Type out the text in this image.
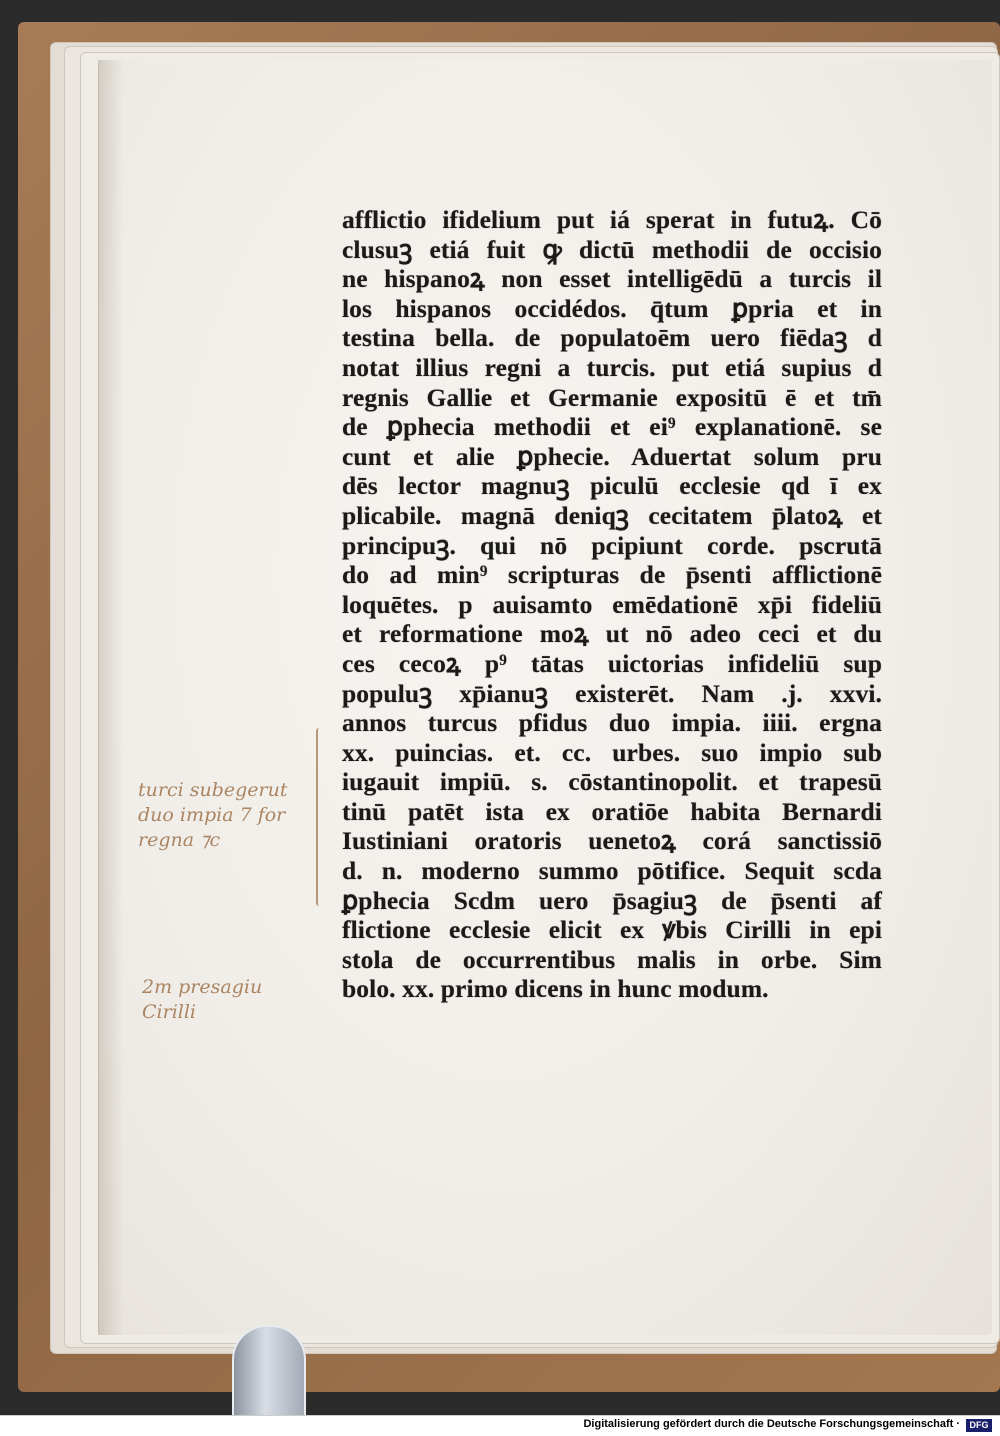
afflictio ifidelium put iá sperat in futuꝝ. Cō
clusuꝫ etiá fuit ꝙ dictū methodii de occisio
ne hispanoꝝ non esset intelligēdū a turcis il
los hispanos occidédos. q̄tum ꝑpria et in
testina bella. de populatoēm uero fiēdaꝫ d
notat illius regni a turcis. put etiá supius d
regnis Gallie et Germanie expositū ē et tm̄
de ꝑphecia methodii et ei⁹ explanationē. se
cunt et alie ꝑphecie. Aduertat solum pru
dēs lector magnuꝫ piculū ecclesie qd ī ex
plicabile. magnā deniqꝫ cecitatem p̄latoꝝ et
principuꝫ. qui nō pcipiunt corde. pscrutā
do ad min⁹ scripturas de p̄senti afflictionē
loquētes. p auisamto emēdationē xp̄i fideliū
et reformatione moꝝ ut nō adeo ceci et du
ces cecoꝝ p⁹ tātas uictorias infideliū sup
populuꝫ xp̄ianuꝫ existerēt. Nam .j. xxvi.
annos turcus pfidus duo impia. iiii. ergna
xx. puincias. et. cc. urbes. suo impio sub
iugauit impiū. s. cōstantinopolit. et trapesū
tinū patēt ista ex oratiōe habita Bernardi
Iustiniani oratoris uenetoꝝ corá sanctissiō
d. n. moderno summo pōtifice. Sequit scda
ꝑphecia Scdm uero p̄sagiuꝫ de p̄senti af
flictione ecclesie elicit ex ꝟbis Cirilli in epi
stola de occurrentibus malis in orbe. Sim
bolo. xx. primo dicens in hunc modum.
turci subegerut
duo impia 7 for
regna ⁊c
2m presagiu
Cirilli
Digitalisierung gefördert durch die Deutsche Forschungsgemeinschaft ·	DFG
